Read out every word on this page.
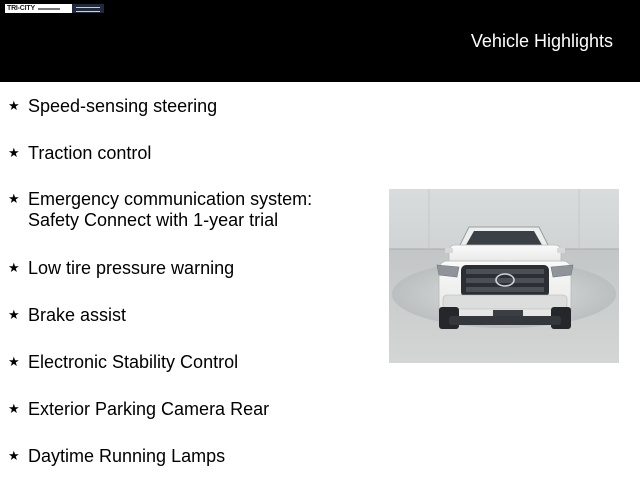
TRI-CITY
Vehicle Highlights
★ Speed-sensing steering
★ Traction control
★ Emergency communication system: Safety Connect with 1-year trial
★ Low tire pressure warning
★ Brake assist
★ Electronic Stability Control
★ Exterior Parking Camera Rear
★ Daytime Running Lamps
